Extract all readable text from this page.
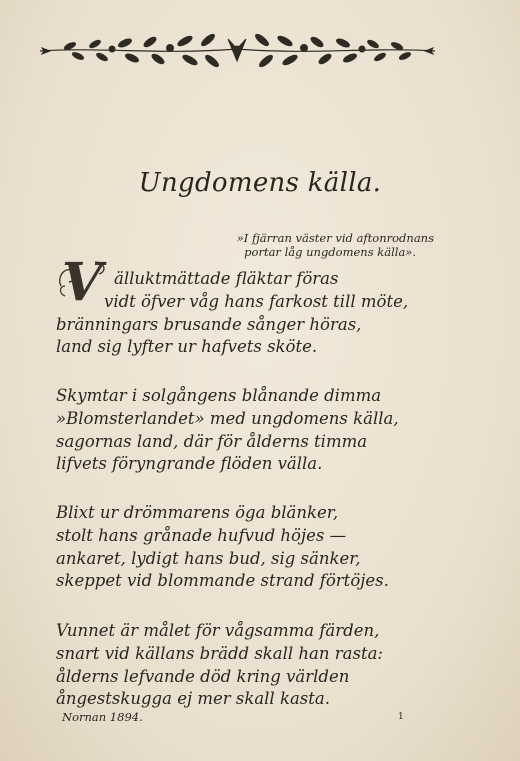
Ungdomens källa.
»I fjärran väster vid aftonrodnans
portar låg ungdomens källa».
V älluktmättade fläktar föras
vidt öfver våg hans farkost till möte,
bränningars brusande sånger höras,
land sig lyfter ur hafvets sköte.
Skymtar i solgångens blånande dimma
»Blomsterlandet» med ungdomens källa,
sagornas land, där för ålderns timma
lifvets föryngrande flöden välla.
Blixt ur drömmarens öga blänker,
stolt hans grånade hufvud höjes —
ankaret, lydigt hans bud, sig sänker,
skeppet vid blommande strand förtöjes.
Vunnet är målet för vågsamma färden,
snart vid källans brädd skall han rasta:
ålderns lefvande död kring världen
ångestskugga ej mer skall kasta.
Nornan 1894.	1
